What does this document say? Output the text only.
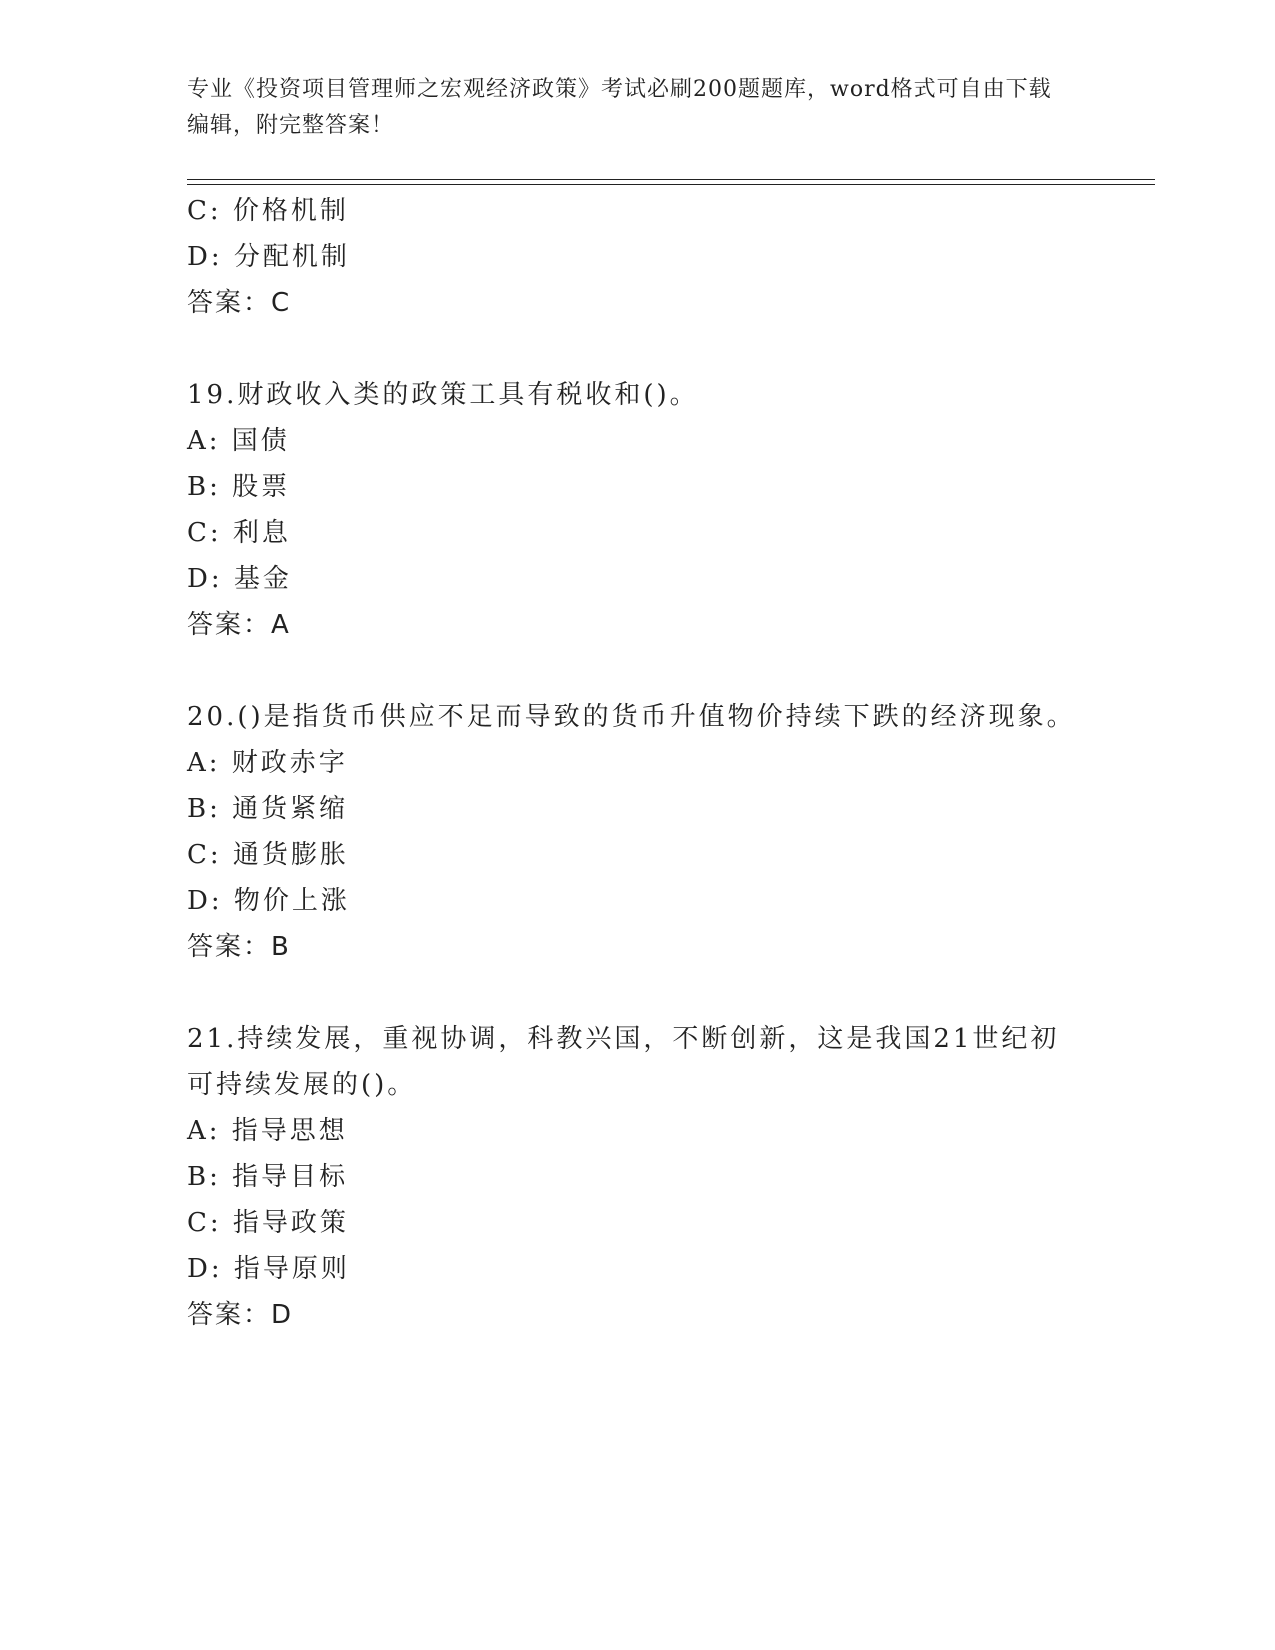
专业《投资项目管理师之宏观经济政策》考试必刷200题题库，word格式可自由下载编辑，附完整答案！
C: 价格机制
D: 分配机制
答案：C
19.财政收入类的政策工具有税收和()。
A: 国债
B: 股票
C: 利息
D: 基金
答案：A
20.()是指货币供应不足而导致的货币升值物价持续下跌的经济现象。
A: 财政赤字
B: 通货紧缩
C: 通货膨胀
D: 物价上涨
答案：B
21.持续发展，重视协调，科教兴国，不断创新，这是我国21世纪初可持续发展的()。
A: 指导思想
B: 指导目标
C: 指导政策
D: 指导原则
答案：D
